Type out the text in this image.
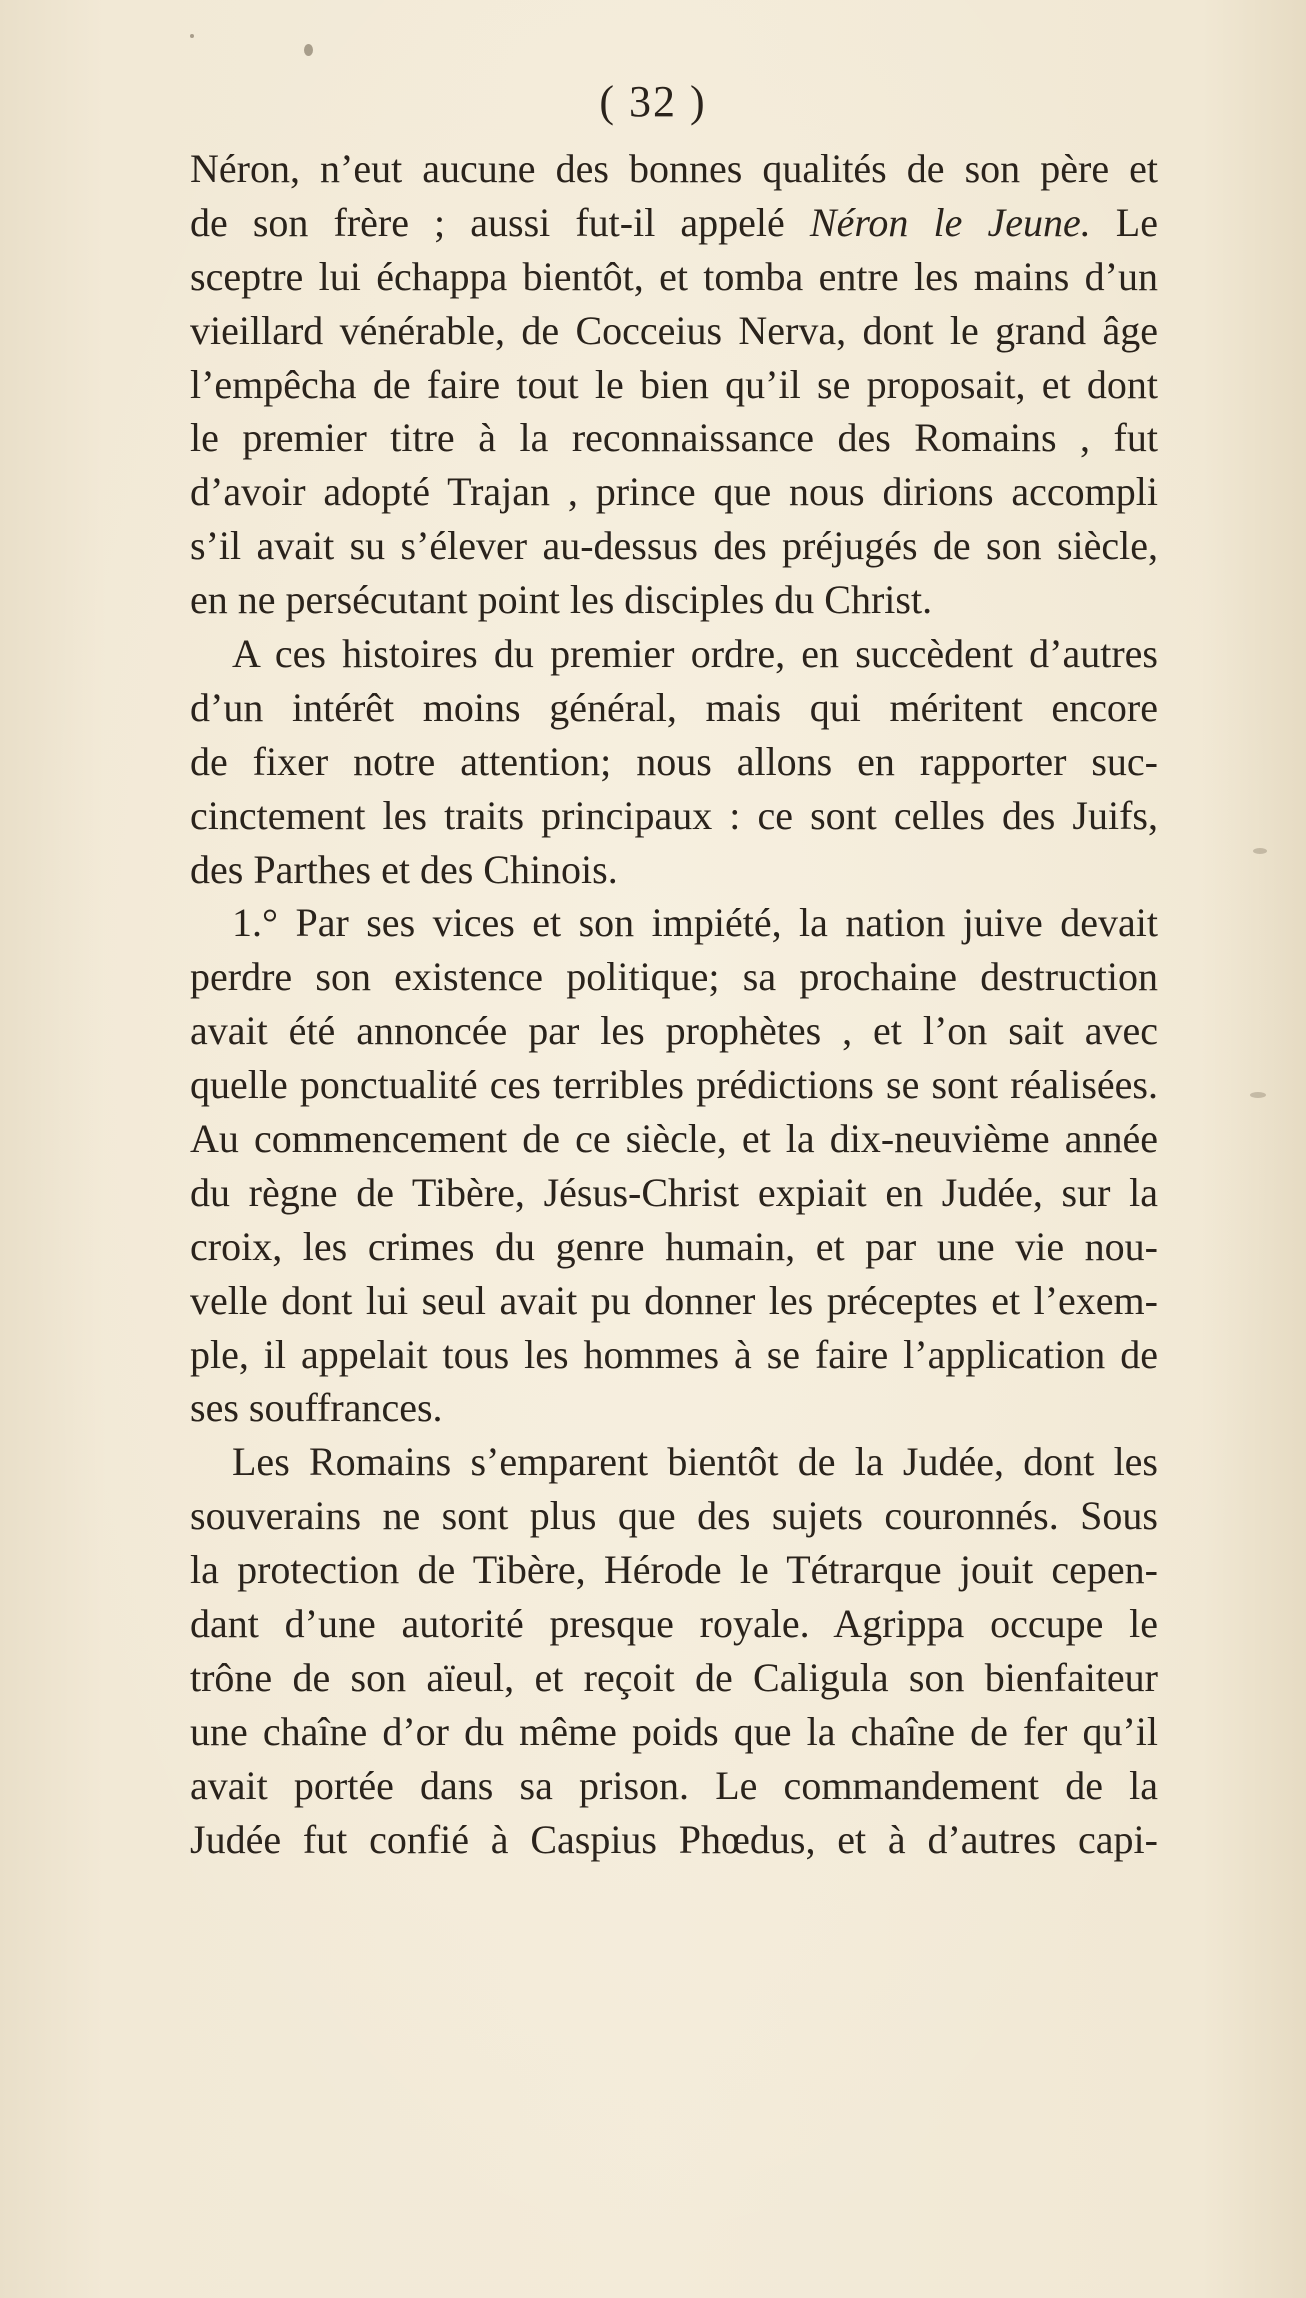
( 32 )
Néron, n’eut aucune des bonnes qualités de son père et
de son frère ; aussi fut-il appelé Néron le Jeune. Le
sceptre lui échappa bientôt, et tomba entre les mains d’un
vieillard vénérable, de Cocceius Nerva, dont le grand âge
l’empêcha de faire tout le bien qu’il se proposait, et dont
le premier titre à la reconnaissance des Romains , fut
d’avoir adopté Trajan , prince que nous dirions accompli
s’il avait su s’élever au-dessus des préjugés de son siècle,
en ne persécutant point les disciples du Christ.
A ces histoires du premier ordre, en succèdent d’autres
d’un intérêt moins général, mais qui méritent encore
de fixer notre attention; nous allons en rapporter suc-
cinctement les traits principaux : ce sont celles des Juifs,
des Parthes et des Chinois.
1.° Par ses vices et son impiété, la nation juive devait
perdre son existence politique; sa prochaine destruction
avait été annoncée par les prophètes , et l’on sait avec
quelle ponctualité ces terribles prédictions se sont réalisées.
Au commencement de ce siècle, et la dix-neuvième année
du règne de Tibère, Jésus-Christ expiait en Judée, sur la
croix, les crimes du genre humain, et par une vie nou-
velle dont lui seul avait pu donner les préceptes et l’exem-
ple, il appelait tous les hommes à se faire l’application de
ses souffrances.
Les Romains s’emparent bientôt de la Judée, dont les
souverains ne sont plus que des sujets couronnés. Sous
la protection de Tibère, Hérode le Tétrarque jouit cepen-
dant d’une autorité presque royale. Agrippa occupe le
trône de son aïeul, et reçoit de Caligula son bienfaiteur
une chaîne d’or du même poids que la chaîne de fer qu’il
avait portée dans sa prison. Le commandement de la
Judée fut confié à Caspius Phœdus, et à d’autres capi-
